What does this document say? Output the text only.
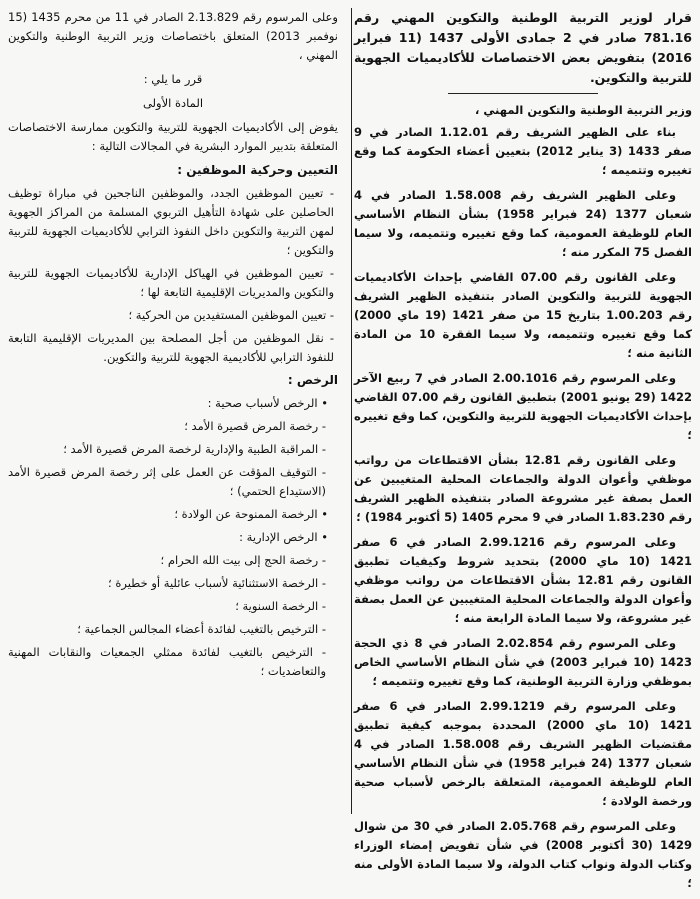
قرار لوزير التربية الوطنية والتكوين المهني رقم 781.16 صادر في 2 جمادى الأولى 1437 (11 فبراير 2016) بتفويض بعض الاختصاصات للأكاديميات الجهوية للتربية والتكوين.

وزير التربية الوطنية والتكوين المهني ،

بناء على الظهير الشريف رقم 1.12.01 الصادر في 9 صفر 1433 (3 يناير 2012) بتعيين أعضاء الحكومة كما وقع تغييره وتتميمه ؛

وعلى الظهير الشريف رقم 1.58.008 الصادر في 4 شعبان 1377 (24 فبراير 1958) بشأن النظام الأساسي العام للوظيفة العمومية، كما وقع تغييره وتتميمه، ولا سيما الفصل 75 المكرر منه ؛

وعلى القانون رقم 07.00 القاضي بإحداث الأكاديميات الجهوية للتربية والتكوين الصادر بتنفيذه الظهير الشريف رقم 1.00.203 بتاريخ 15 من صفر 1421 (19 ماي 2000) كما وقع تغييره وتتميمه، ولا سيما الفقرة 10 من المادة الثانية منه ؛

وعلى المرسوم رقم 2.00.1016 الصادر في 7 ربيع الآخر 1422 (29 يونيو 2001) بتطبيق القانون رقم 07.00 القاضي بإحداث الأكاديميات الجهوية للتربية والتكوين، كما وقع تغييره ؛

وعلى القانون رقم 12.81 بشأن الاقتطاعات من رواتب موظفي وأعوان الدولة والجماعات المحلية المتغيبين عن العمل بصفة غير مشروعة الصادر بتنفيذه الظهير الشريف رقم 1.83.230 الصادر في 9 محرم 1405 (5 أكتوبر 1984) ؛

وعلى المرسوم رقم 2.99.1216 الصادر في 6 صفر 1421 (10 ماي 2000) بتحديد شروط وكيفيات تطبيق القانون رقم 12.81 بشأن الاقتطاعات من رواتب موظفي وأعوان الدولة والجماعات المحلية المتغيبين عن العمل بصفة غير مشروعة، ولا سيما المادة الرابعة منه ؛

وعلى المرسوم رقم 2.02.854 الصادر في 8 ذي الحجة 1423 (10 فبراير 2003) في شأن النظام الأساسي الخاص بموظفي وزارة التربية الوطنية، كما وقع تغييره وتتميمه ؛

وعلى المرسوم رقم 2.99.1219 الصادر في 6 صفر 1421 (10 ماي 2000) المحددة بموجبه كيفية تطبيق مقتضيات الظهير الشريف رقم 1.58.008 الصادر في 4 شعبان 1377 (24 فبراير 1958) في شأن النظام الأساسي العام للوظيفة العمومية، المتعلقة بالرخص لأسباب صحية ورخصة الولادة ؛

وعلى المرسوم رقم 2.05.768 الصادر في 30 من شوال 1429 (30 أكتوبر 2008) في شأن تفويض إمضاء الوزراء وكتاب الدولة ونواب كتاب الدولة، ولا سيما المادة الأولى منه ؛

وعلى المرسوم رقم 2.13.829 الصادر في 11 من محرم 1435 (15 نوفمبر 2013) المتعلق باختصاصات وزير التربية الوطنية والتكوين المهني ،

قرر ما يلي :

المادة الأولى

يفوض إلى الأكاديميات الجهوية للتربية والتكوين ممارسة الاختصاصات المتعلقة بتدبير الموارد البشرية في المجالات التالية :

التعيين وحركية الموظفين :

- تعيين الموظفين الجدد، والموظفين الناجحين في مباراة توظيف الحاصلين على شهادة التأهيل التربوي المسلمة من المراكز الجهوية لمهن التربية والتكوين داخل النفوذ الترابي للأكاديميات الجهوية للتربية والتكوين ؛

- تعيين الموظفين في الهياكل الإدارية للأكاديميات الجهوية للتربية والتكوين والمديريات الإقليمية التابعة لها ؛

- تعيين الموظفين المستفيدين من الحركية ؛

- نقل الموظفين من أجل المصلحة بين المديريات الإقليمية التابعة للنفوذ الترابي للأكاديمية الجهوية للتربية والتكوين.

الرخص :

• الرخص لأسباب صحية :

- رخصة المرض قصيرة الأمد ؛

- المراقبة الطبية والإدارية لرخصة المرض قصيرة الأمد ؛

- التوقيف المؤقت عن العمل على إثر رخصة المرض قصيرة الأمد (الاستيداع الحتمي) ؛

• الرخصة الممنوحة عن الولادة ؛

• الرخص الإدارية :

- رخصة الحج إلى بيت الله الحرام ؛

- الرخصة الاستثنائية لأسباب عائلية أو خطيرة ؛

- الرخصة السنوية ؛

- الترخيص بالتغيب لفائدة أعضاء المجالس الجماعية ؛

- الترخيص بالتغيب لفائدة ممثلي الجمعيات والنقابات المهنية والتعاضديات ؛
